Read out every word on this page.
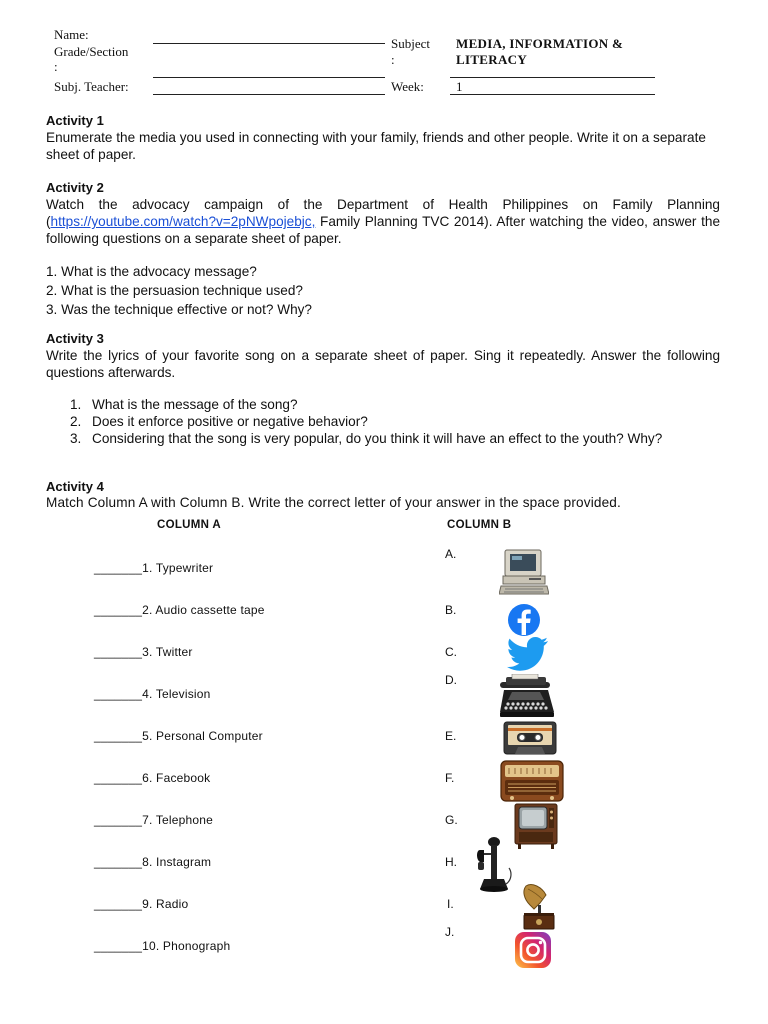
Name:
Grade/Section
:
Subj. Teacher:
Subject
:
Week:
MEDIA, INFORMATION &
LITERACY
1
Activity 1
Enumerate the media you used in connecting with your family, friends and other people. Write it on a separate sheet of paper.
Activity 2
Watch the advocacy campaign of the Department of Health Philippines on Family Planning (https://youtube.com/watch?v=2pNWpojebjc, Family Planning TVC 2014). After watching the video, answer the following questions on a separate sheet of paper.
1. What is the advocacy message?
2. What is the persuasion technique used?
3. Was the technique effective or not? Why?
Activity 3
Write the lyrics of your favorite song on a separate sheet of paper. Sing it repeatedly. Answer the following questions afterwards.
1. What is the message of the song?
2. Does it enforce positive or negative behavior?
3. Considering that the song is very popular, do you think it will have an effect to the youth? Why?
Activity 4
Match Column A with Column B. Write the correct letter of your answer in the space provided.
COLUMN A	COLUMN B
_______1. Typewriter
_______2. Audio cassette tape
_______3. Twitter
_______4. Television
_______5. Personal Computer
_______6. Facebook
_______7. Telephone
_______8. Instagram
_______9. Radio
_______10. Phonograph
A.
B.
C.
D.
E.
F.
G.
H.
I.
J.
